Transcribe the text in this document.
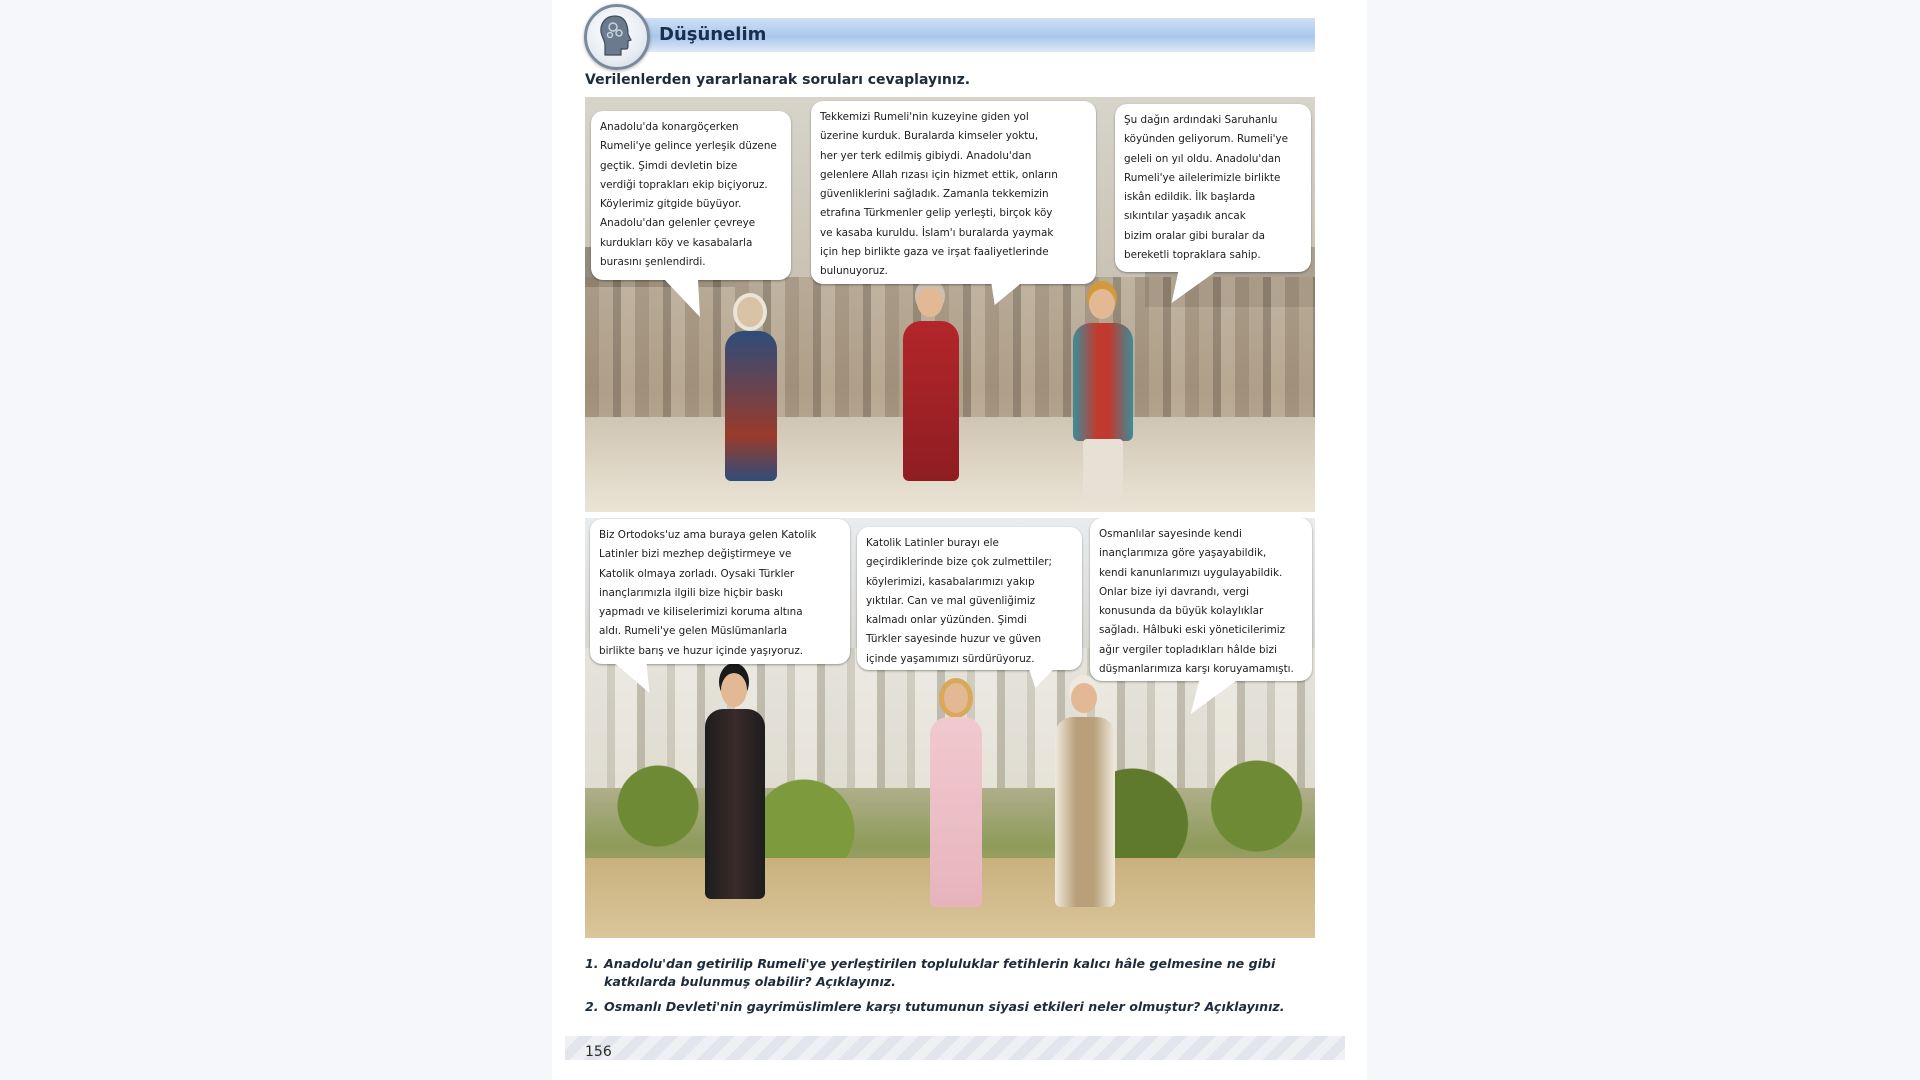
Düşünelim
Verilenlerden yararlanarak soruları cevaplayınız.
Anadolu'da konargöçerken
Rumeli'ye gelince yerleşik düzene
geçtik. Şimdi devletin bize
verdiği toprakları ekip biçiyoruz.
Köylerimiz gitgide büyüyor.
Anadolu'dan gelenler çevreye
kurdukları köy ve kasabalarla
burasını şenlendirdi.
Tekkemizi Rumeli'nin kuzeyine giden yol
üzerine kurduk. Buralarda kimseler yoktu,
her yer terk edilmiş gibiydi. Anadolu'dan
gelenlere Allah rızası için hizmet ettik, onların
güvenliklerini sağladık. Zamanla tekkemizin
etrafına Türkmenler gelip yerleşti, birçok köy
ve kasaba kuruldu. İslam'ı buralarda yaymak
için hep birlikte gaza ve irşat faaliyetlerinde
bulunuyoruz.
Şu dağın ardındaki Saruhanlu
köyünden geliyorum. Rumeli'ye
geleli on yıl oldu. Anadolu'dan
Rumeli'ye ailelerimizle birlikte
iskân edildik. İlk başlarda
sıkıntılar yaşadık ancak
bizim oralar gibi buralar da
bereketli topraklara sahip.
Biz Ortodoks'uz ama buraya gelen Katolik
Latinler bizi mezhep değiştirmeye ve
Katolik olmaya zorladı. Oysaki Türkler
inançlarımızla ilgili bize hiçbir baskı
yapmadı ve kiliselerimizi koruma altına
aldı. Rumeli'ye gelen Müslümanlarla
birlikte barış ve huzur içinde yaşıyoruz.
Katolik Latinler burayı ele
geçirdiklerinde bize çok zulmettiler;
köylerimizi, kasabalarımızı yakıp
yıktılar. Can ve mal güvenliğimiz
kalmadı onlar yüzünden. Şimdi
Türkler sayesinde huzur ve güven
içinde yaşamımızı sürdürüyoruz.
Osmanlılar sayesinde kendi
inançlarımıza göre yaşayabildik,
kendi kanunlarımızı uygulayabildik.
Onlar bize iyi davrandı, vergi
konusunda da büyük kolaylıklar
sağladı. Hâlbuki eski yöneticilerimiz
ağır vergiler topladıkları hâlde bizi
düşmanlarımıza karşı koruyamamıştı.
1. Anadolu'dan getirilip Rumeli'ye yerleştirilen topluluklar fetihlerin kalıcı hâle gelmesine ne gibi katkılarda bulunmuş olabilir? Açıklayınız.
2. Osmanlı Devleti'nin gayrimüslimlere karşı tutumunun siyasi etkileri neler olmuştur? Açıklayınız.
156
